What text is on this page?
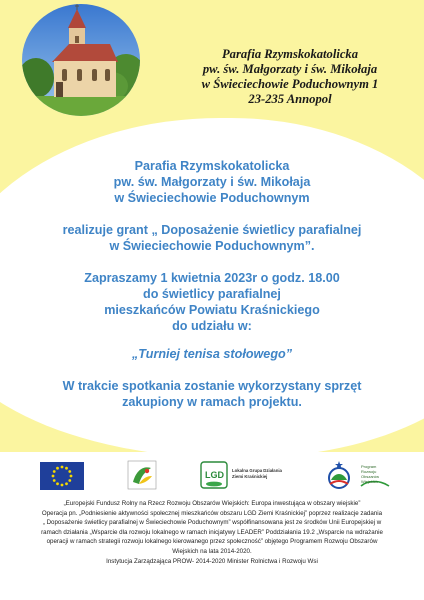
Parafia Rzymskokatolicka
pw. św. Małgorzaty i św. Mikołaja
w Świeciechowie Poduchownym 1
23-235 Annopol
Parafia Rzymskokatolicka
pw. św. Małgorzaty i św. Mikołaja
w Świeciechowie Poduchownym
realizuje grant „ Doposażenie świetlicy parafialnej
w Świeciechowie Poduchownym”.
Zapraszamy 1 kwietnia 2023r o godz. 18.00
do świetlicy parafialnej
mieszkańców Powiatu Kraśnickiego
do udziału w:
„Turniej tenisa stołowego”
W trakcie spotkania zostanie wykorzystany sprzęt
zakupiony w ramach projektu.
LGD Lokalna Grupa Działania
Ziemi Kraśnickiej
Program
Rozwoju
Obszarów
Wiejskich
„Europejski Fundusz Rolny na Rzecz Rozwoju Obszarów Wiejskich: Europa inwestująca w obszary wiejskie”
Operacja pn. „Podniesienie aktywności społecznej mieszkańców obszaru LGD Ziemi Kraśnickiej” poprzez realizacje zadania
„ Doposażenie świetlicy parafialnej w Świeciechowie Poduchownym” współfinansowana jest ze środków Unii Europejskiej w
ramach działania „Wsparcie dla rozwoju lokalnego w ramach inicjatywy LEADER” Poddziałania 19.2 „Wsparcie na wdrażanie
operacji w ramach strategii rozwoju lokalnego kierowanego przez społeczność” objętego Programem Rozwoju Obszarów
Wiejskich na lata 2014-2020.
Instytucja Zarządzająca PROW- 2014-2020 Minister Rolnictwa i Rozwoju Wsi
